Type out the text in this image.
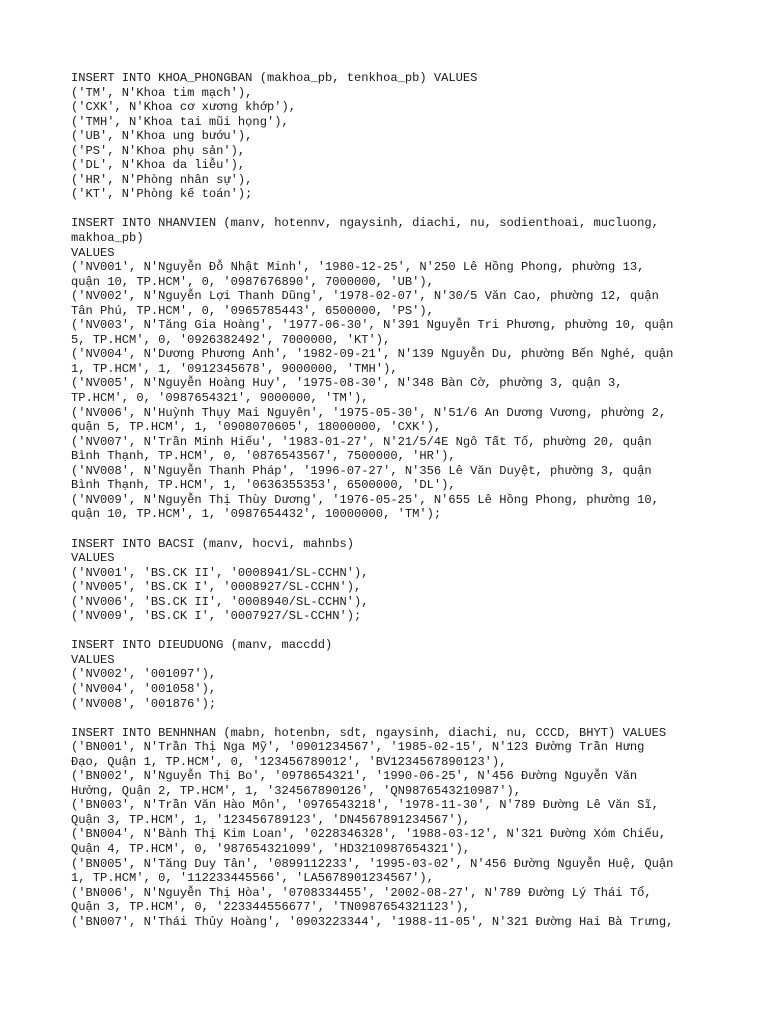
INSERT INTO KHOA_PHONGBAN (makhoa_pb, tenkhoa_pb) VALUES
('TM', N'Khoa tim mạch'),
('CXK', N'Khoa cơ xương khớp'),
('TMH', N'Khoa tai mũi họng'),
('UB', N'Khoa ung bướu'),
('PS', N'Khoa phụ sản'),
('DL', N'Khoa da liễu'),
('HR', N'Phòng nhân sự'),
('KT', N'Phòng kế toán');
INSERT INTO NHANVIEN (manv, hotennv, ngaysinh, diachi, nu, sodienthoai, mucluong,
makhoa_pb)
VALUES
('NV001', N'Nguyễn Đỗ Nhật Minh', '1980-12-25', N'250 Lê Hồng Phong, phường 13,
quận 10, TP.HCM', 0, '0987676890', 7000000, 'UB'),
('NV002', N'Nguyễn Lợi Thanh Dũng', '1978-02-07', N'30/5 Văn Cao, phường 12, quận
Tân Phú, TP.HCM', 0, '0965785443', 6500000, 'PS'),
('NV003', N'Tăng Gia Hoàng', '1977-06-30', N'391 Nguyễn Tri Phương, phường 10, quận
5, TP.HCM', 0, '0926382492', 7000000, 'KT'),
('NV004', N'Dương Phương Anh', '1982-09-21', N'139 Nguyễn Du, phường Bến Nghé, quận
1, TP.HCM', 1, '0912345678', 9000000, 'TMH'),
('NV005', N'Nguyễn Hoàng Huy', '1975-08-30', N'348 Bàn Cờ, phường 3, quận 3,
TP.HCM', 0, '0987654321', 9000000, 'TM'),
('NV006', N'Huỳnh Thụy Mai Nguyên', '1975-05-30', N'51/6 An Dương Vương, phường 2,
quận 5, TP.HCM', 1, '0908070605', 18000000, 'CXK'),
('NV007', N'Trần Minh Hiếu', '1983-01-27', N'21/5/4E Ngô Tất Tố, phường 20, quận
Bình Thạnh, TP.HCM', 0, '0876543567', 7500000, 'HR'),
('NV008', N'Nguyễn Thanh Pháp', '1996-07-27', N'356 Lê Văn Duyệt, phường 3, quận
Bình Thạnh, TP.HCM', 1, '0636355353', 6500000, 'DL'),
('NV009', N'Nguyễn Thị Thùy Dương', '1976-05-25', N'655 Lê Hồng Phong, phường 10,
quận 10, TP.HCM', 1, '0987654432', 10000000, 'TM');
INSERT INTO BACSI (manv, hocvi, mahnbs)
VALUES
('NV001', 'BS.CK II', '0008941/SL-CCHN'),
('NV005', 'BS.CK I', '0008927/SL-CCHN'),
('NV006', 'BS.CK II', '0008940/SL-CCHN'),
('NV009', 'BS.CK I', '0007927/SL-CCHN');
INSERT INTO DIEUDUONG (manv, maccdd)
VALUES
('NV002', '001097'),
('NV004', '001058'),
('NV008', '001876');
INSERT INTO BENHNHAN (mabn, hotenbn, sdt, ngaysinh, diachi, nu, CCCD, BHYT) VALUES
('BN001', N'Trần Thị Nga Mỹ', '0901234567', '1985-02-15', N'123 Đường Trần Hưng
Đạo, Quận 1, TP.HCM', 0, '123456789012', 'BV1234567890123'),
('BN002', N'Nguyễn Thị Bo', '0978654321', '1990-06-25', N'456 Đường Nguyễn Văn
Hưởng, Quận 2, TP.HCM', 1, '324567890126', 'QN9876543210987'),
('BN003', N'Trần Văn Hào Môn', '0976543218', '1978-11-30', N'789 Đường Lê Văn Sĩ,
Quận 3, TP.HCM', 1, '123456789123', 'DN4567891234567'),
('BN004', N'Bành Thị Kim Loan', '0228346328', '1988-03-12', N'321 Đường Xóm Chiếu,
Quận 4, TP.HCM', 0, '987654321099', 'HD3210987654321'),
('BN005', N'Tăng Duy Tân', '0899112233', '1995-03-02', N'456 Đường Nguyễn Huệ, Quận
1, TP.HCM', 0, '112233445566', 'LA5678901234567'),
('BN006', N'Nguyễn Thị Hòa', '0708334455', '2002-08-27', N'789 Đường Lý Thái Tổ,
Quận 3, TP.HCM', 0, '223344556677', 'TN0987654321123'),
('BN007', N'Thái Thủy Hoàng', '0903223344', '1988-11-05', N'321 Đường Hai Bà Trưng,
